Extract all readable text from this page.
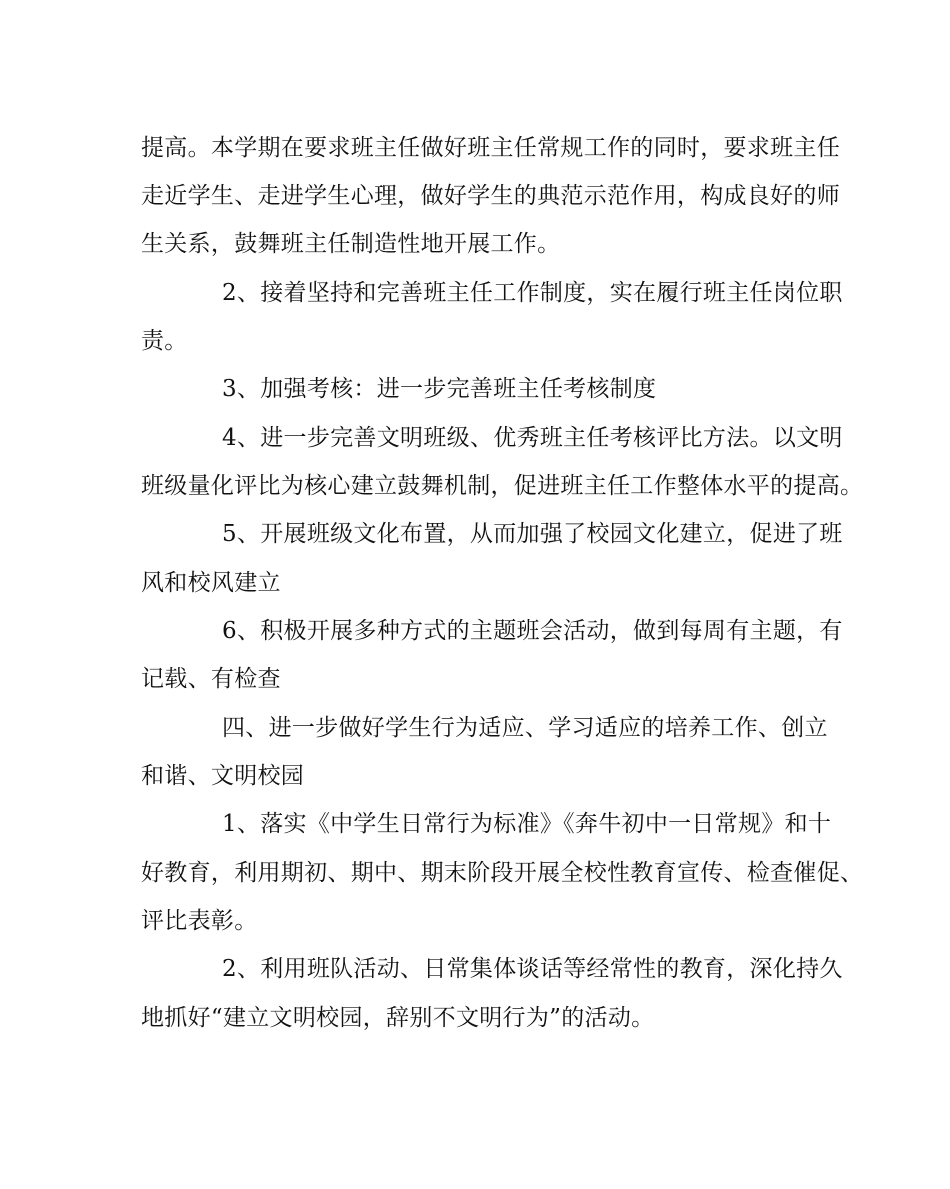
提高。本学期在要求班主任做好班主任常规工作的同时，要求班主任
走近学生、走进学生心理，做好学生的典范示范作用，构成良好的师
生关系，鼓舞班主任制造性地开展工作。
2、接着坚持和完善班主任工作制度，实在履行班主任岗位职
责。
3、加强考核：进一步完善班主任考核制度
4、进一步完善文明班级、优秀班主任考核评比方法。以文明
班级量化评比为核心建立鼓舞机制，促进班主任工作整体水平的提高。
5、开展班级文化布置，从而加强了校园文化建立，促进了班
风和校风建立
6、积极开展多种方式的主题班会活动，做到每周有主题，有
记载、有检查
四、进一步做好学生行为适应、学习适应的培养工作、创立
和谐、文明校园
1、落实《中学生日常行为标准》《奔牛初中一日常规》和十
好教育，利用期初、期中、期末阶段开展全校性教育宣传、检查催促、
评比表彰。
2、利用班队活动、日常集体谈话等经常性的教育，深化持久
地抓好“建立文明校园，辞别不文明行为”的活动。
